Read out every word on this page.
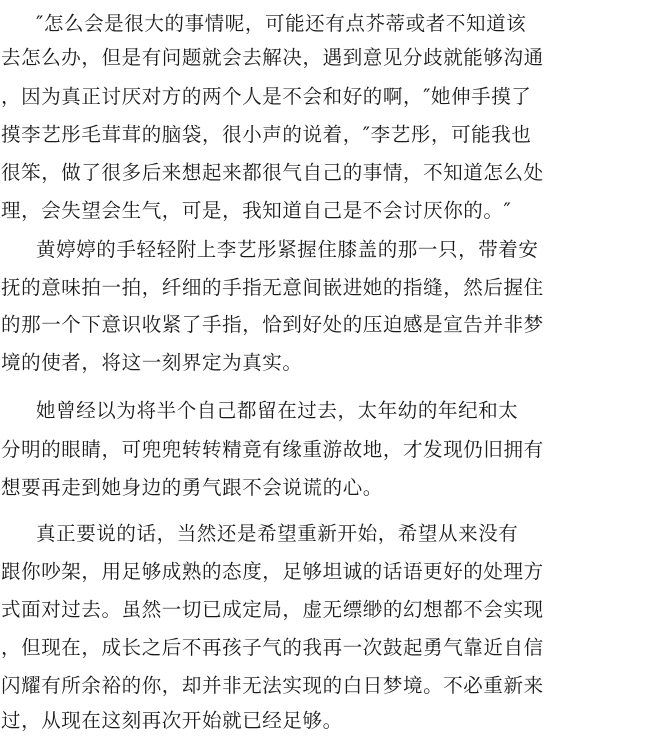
″怎么会是很大的事情呢，可能还有点芥蒂或者不知道该
去怎么办，但是有问题就会去解决，遇到意见分歧就能够沟通
，因为真正讨厌对方的两个人是不会和好的啊，″她伸手摸了
摸李艺彤毛茸茸的脑袋，很小声的说着，″李艺彤，可能我也
很笨，做了很多后来想起来都很气自己的事情，不知道怎么处
理，会失望会生气，可是，我知道自己是不会讨厌你的。″
黄婷婷的手轻轻附上李艺彤紧握住膝盖的那一只，带着安
抚的意味拍一拍，纤细的手指无意间嵌进她的指缝，然后握住
的那一个下意识收紧了手指，恰到好处的压迫感是宣告并非梦
境的使者，将这一刻界定为真实。
她曾经以为将半个自己都留在过去，太年幼的年纪和太
分明的眼睛，可兜兜转转精竟有缘重游故地，才发现仍旧拥有
想要再走到她身边的勇气跟不会说谎的心。
真正要说的话，当然还是希望重新开始，希望从来没有
跟你吵架，用足够成熟的态度，足够坦诚的话语更好的处理方
式面对过去。虽然一切已成定局，虚无缥缈的幻想都不会实现
，但现在，成长之后不再孩子气的我再一次鼓起勇气靠近自信
闪耀有所余裕的你，却并非无法实现的白日梦境。不必重新来
过，从现在这刻再次开始就已经足够。
